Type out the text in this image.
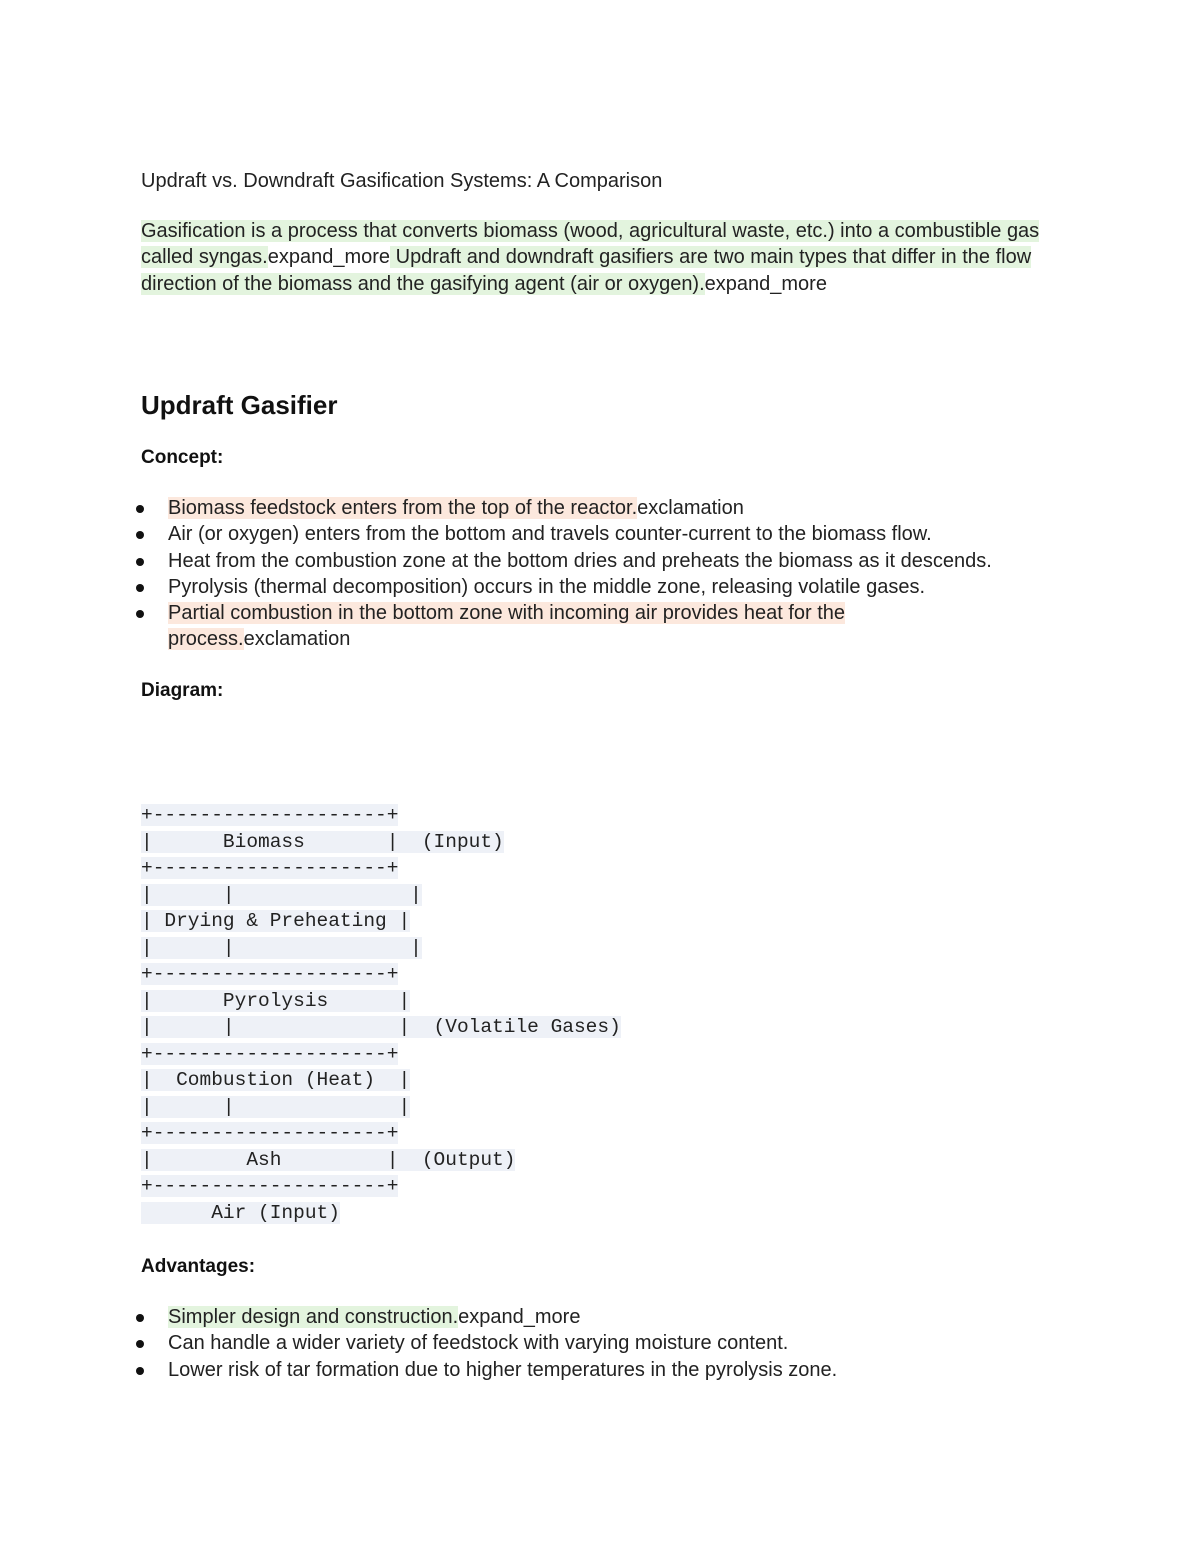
Updraft vs. Downdraft Gasification Systems: A Comparison
Gasification is a process that converts biomass (wood, agricultural waste, etc.) into a combustible gas called syngas.expand_more Updraft and downdraft gasifiers are two main types that differ in the flow direction of the biomass and the gasifying agent (air or oxygen).expand_more
Updraft Gasifier
Concept:
Biomass feedstock enters from the top of the reactor.exclamation
Air (or oxygen) enters from the bottom and travels counter-current to the biomass flow.
Heat from the combustion zone at the bottom dries and preheats the biomass as it descends.
Pyrolysis (thermal decomposition) occurs in the middle zone, releasing volatile gases.
Partial combustion in the bottom zone with incoming air provides heat for the process.exclamation
Diagram:
+--------------------+
|      Biomass       |  (Input)
+--------------------+
|      |               |
| Drying & Preheating |
|      |               |
+--------------------+
|      Pyrolysis      |
|      |              |  (Volatile Gases)
+--------------------+
|  Combustion (Heat)  |
|      |              |
+--------------------+
|        Ash         |  (Output)
+--------------------+
Air (Input)
Advantages:
Simpler design and construction.expand_more
Can handle a wider variety of feedstock with varying moisture content.
Lower risk of tar formation due to higher temperatures in the pyrolysis zone.
